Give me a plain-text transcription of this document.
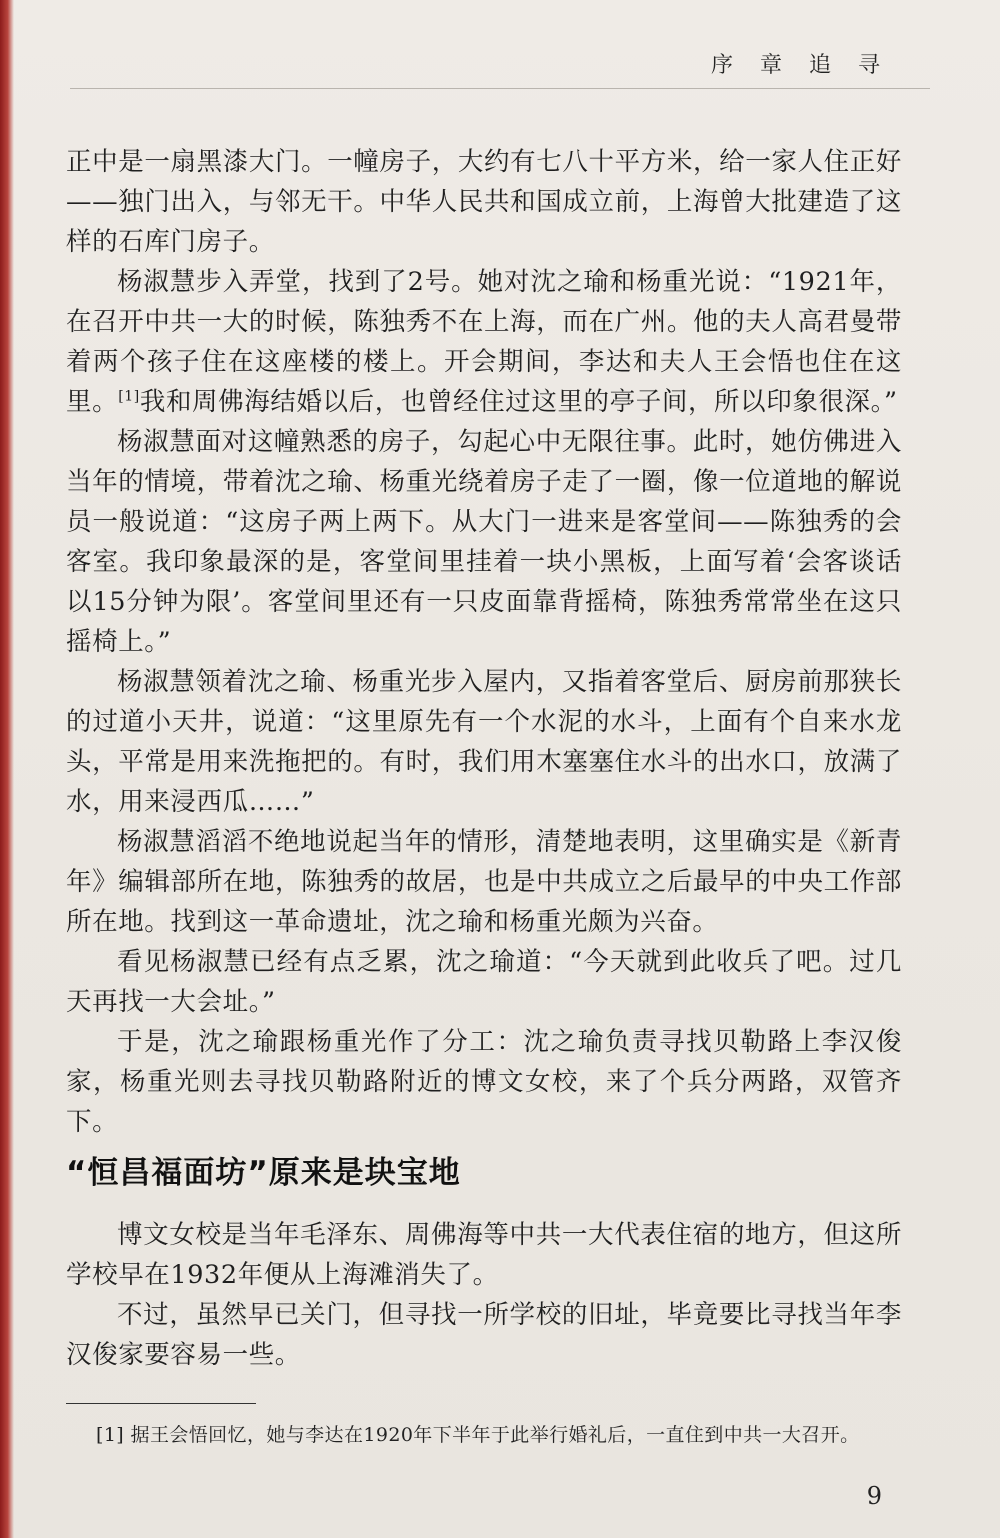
序 章 追 寻

正中是一扇黑漆大门。一幢房子，大约有七八十平方米，给一家人住正好——独门出入，与邻无干。中华人民共和国成立前，上海曾大批建造了这样的石库门房子。

杨淑慧步入弄堂，找到了2号。她对沈之瑜和杨重光说：“1921年，在召开中共一大的时候，陈独秀不在上海，而在广州。他的夫人高君曼带着两个孩子住在这座楼的楼上。开会期间，李达和夫人王会悟也住在这里。[1]我和周佛海结婚以后，也曾经住过这里的亭子间，所以印象很深。”

杨淑慧面对这幢熟悉的房子，勾起心中无限往事。此时，她仿佛进入当年的情境，带着沈之瑜、杨重光绕着房子走了一圈，像一位道地的解说员一般说道：“这房子两上两下。从大门一进来是客堂间——陈独秀的会客室。我印象最深的是，客堂间里挂着一块小黑板，上面写着‘会客谈话以15分钟为限’。客堂间里还有一只皮面靠背摇椅，陈独秀常常坐在这只摇椅上。”

杨淑慧领着沈之瑜、杨重光步入屋内，又指着客堂后、厨房前那狭长的过道小天井，说道：“这里原先有一个水泥的水斗，上面有个自来水龙头，平常是用来洗拖把的。有时，我们用木塞塞住水斗的出水口，放满了水，用来浸西瓜……”

杨淑慧滔滔不绝地说起当年的情形，清楚地表明，这里确实是《新青年》编辑部所在地，陈独秀的故居，也是中共成立之后最早的中央工作部所在地。找到这一革命遗址，沈之瑜和杨重光颇为兴奋。

看见杨淑慧已经有点乏累，沈之瑜道：“今天就到此收兵了吧。过几天再找一大会址。”

于是，沈之瑜跟杨重光作了分工：沈之瑜负责寻找贝勒路上李汉俊家，杨重光则去寻找贝勒路附近的博文女校，来了个兵分两路，双管齐下。

“恒昌福面坊”原来是块宝地

博文女校是当年毛泽东、周佛海等中共一大代表住宿的地方，但这所学校早在1932年便从上海滩消失了。

不过，虽然早已关门，但寻找一所学校的旧址，毕竟要比寻找当年李汉俊家要容易一些。

[1] 据王会悟回忆，她与李达在1920年下半年于此举行婚礼后，一直住到中共一大召开。
9
